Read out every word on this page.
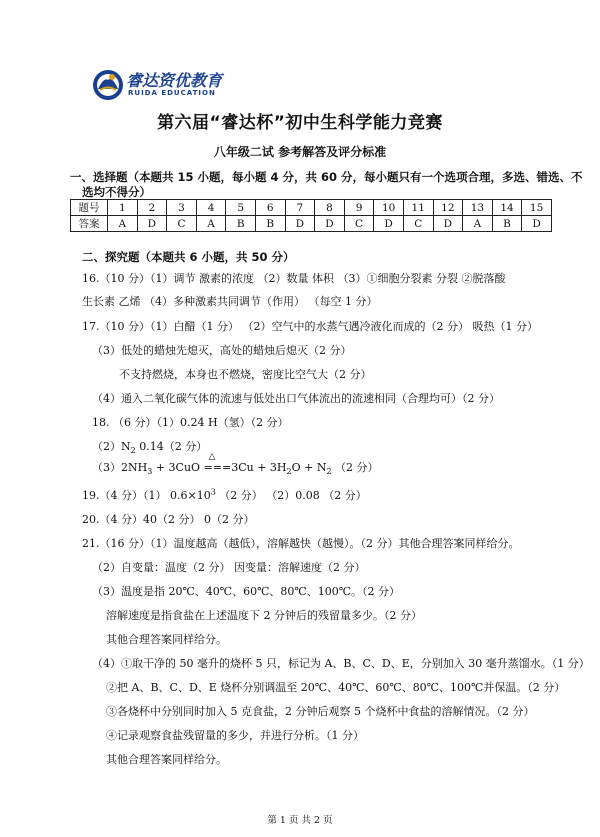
睿达资优教育
RUIDA EDUCATION
第六届“睿达杯”初中生科学能力竞赛
八年级二试 参考解答及评分标准
一、选择题（本题共 15 小题，每小题 4 分，共 60 分，每小题只有一个选项合理，多选、错选、不
选均不得分）
题号	1	2	3	4	5	6	7	8	9	10	11	12	13	14	15
答案	A	D	C	A	B	B	D	D	C	D	C	D	A	B	D
二、探究题（本题共 6 小题，共 50 分）
16.（10 分）（1）调节 激素的浓度 （2）数量 体积 （3）①细胞分裂素 分裂 ②脱落酸
生长素 乙烯 （4）多种激素共同调节（作用） （每空 1 分）
17.（10 分）（1）白醋（1 分） （2）空气中的水蒸气遇冷液化而成的（2 分） 吸热（1 分）
（3）低处的蜡烛先熄灭，高处的蜡烛后熄灭（2 分）
不支持燃烧，本身也不燃烧，密度比空气大（2 分）
（4）通入二氧化碳气体的流速与低处出口气体流出的流速相同（合理均可）（2 分）
18. （6 分）（1）0.24 H（氢）（2 分）
$(2)N_2$ 0.14（2 分）
$(3)2NH_3 + 3CuO$
△
$===3Cu + 3H_2O + N_2$ （2 分）
19.（4 分）（1） $0.6\times 10^3$ （2 分） （2）0.08 （2 分）
20.（4 分）40（2 分） 0（2 分）
21.（16 分）（1）温度越高（越低），溶解越快（越慢）。（2 分）其他合理答案同样给分。
（2）自变量：温度（2 分） 因变量：溶解速度（2 分）
（3）温度是指 20℃、40℃、60℃、80℃、100℃。（2 分）
溶解速度是指食盐在上述温度下 2 分钟后的残留量多少。（2 分）
其他合理答案同样给分。
（4）①取干净的 50 毫升的烧杯 5 只，标记为 A、B、C、D、E，分别加入 30 毫升蒸馏水。（1 分）
②把 A、B、C、D、E 烧杯分别调温至 20℃、40℃、60℃、80℃、100℃并保温。（2 分）
③各烧杯中分别同时加入 5 克食盐，2 分钟后观察 5 个烧杯中食盐的溶解情况。（2 分）
④记录观察食盐残留量的多少，并进行分析。（1 分）
其他合理答案同样给分。
第 1 页 共 2 页
